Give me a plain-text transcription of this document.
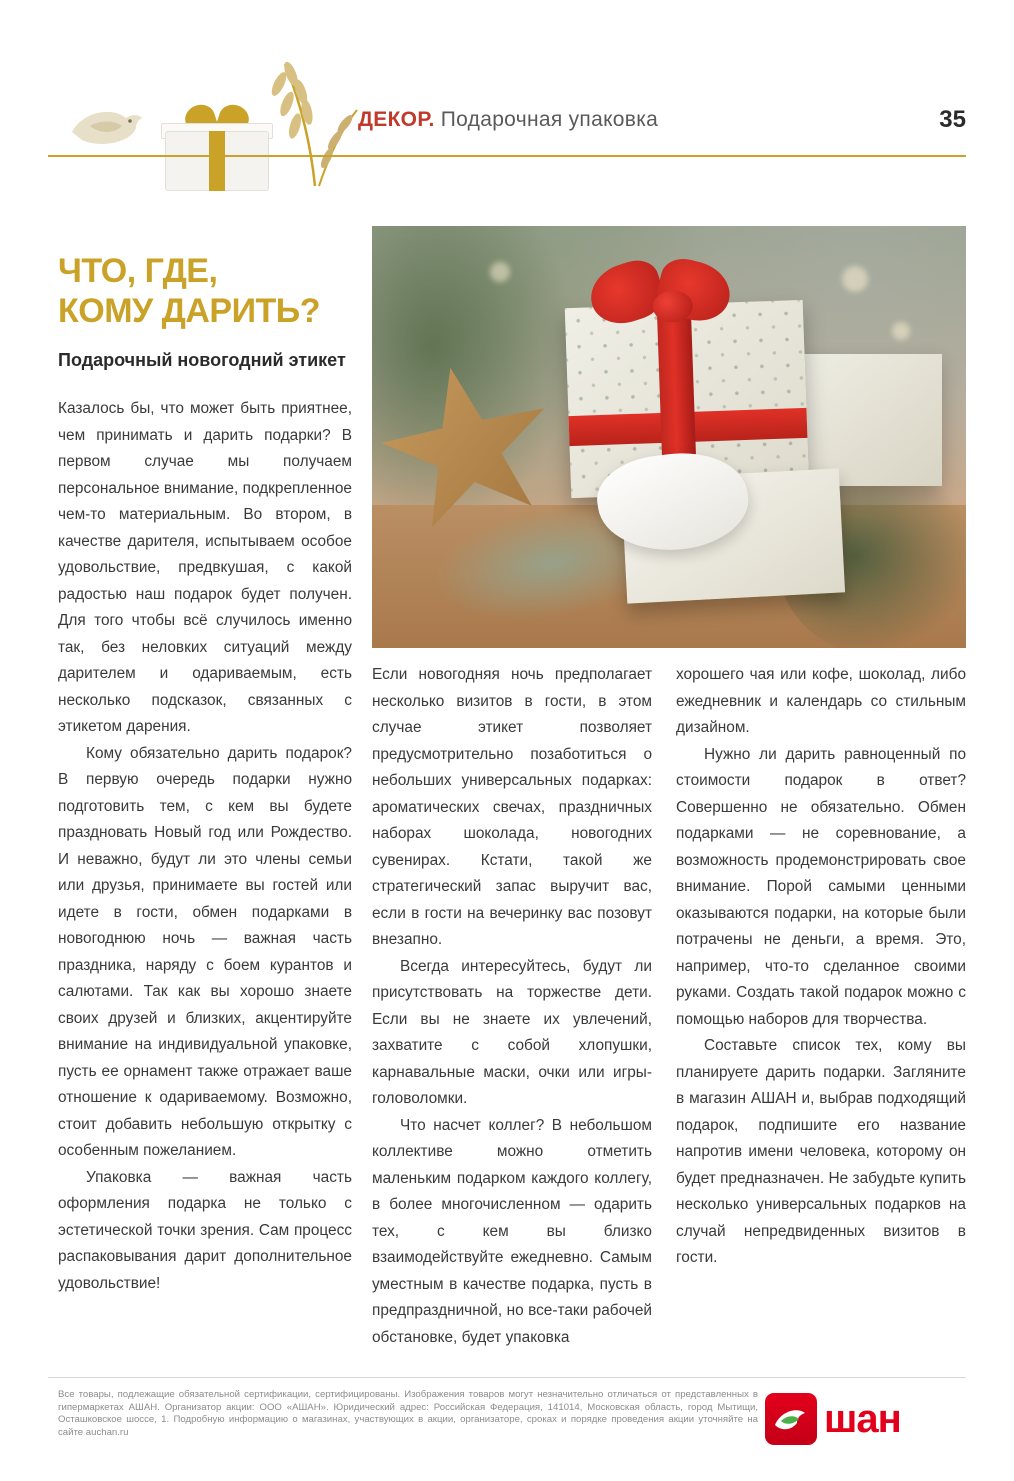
ДЕКОР. Подарочная упаковка	35
ЧТО, ГДЕ,
КОМУ ДАРИТЬ?
Подарочный новогодний этикет

Казалось бы, что может быть приятнее, чем принимать и дарить подарки? В первом случае мы получаем персональное внимание, подкрепленное чем-то материальным. Во втором, в качестве дарителя, испытываем особое удовольствие, предвкушая, с какой радостью наш подарок будет получен. Для того чтобы всё случилось именно так, без неловких ситуаций между дарителем и одариваемым, есть несколько подсказок, связанных с этикетом дарения.

Кому обязательно дарить подарок? В первую очередь подарки нужно подготовить тем, с кем вы будете праздновать Новый год или Рождество. И неважно, будут ли это члены семьи или друзья, принимаете вы гостей или идете в гости, обмен подарками в новогоднюю ночь — важная часть праздника, наряду с боем курантов и салютами. Так как вы хорошо знаете своих друзей и близких, акцентируйте внимание на индивидуальной упаковке, пусть ее орнамент также отражает ваше отношение к одариваемому. Возможно, стоит добавить небольшую открытку с особенным пожеланием.

Упаковка — важная часть оформления подарка не только с эстетической точки зрения. Сам процесс распаковывания дарит дополнительное удовольствие!

Если новогодняя ночь предполагает несколько визитов в гости, в этом случае этикет позволяет предусмотрительно позаботиться о небольших универсальных подарках: ароматических свечах, праздничных наборах шоколада, новогодних сувенирах. Кстати, такой же стратегический запас выручит вас, если в гости на вечеринку вас позовут внезапно.

Всегда интересуйтесь, будут ли присутствовать на торжестве дети. Если вы не знаете их увлечений, захватите с собой хлопушки, карнавальные маски, очки или игры-головоломки.

Что насчет коллег? В небольшом коллективе можно отметить маленьким подарком каждого коллегу, в более многочисленном — одарить тех, с кем вы близко взаимодействуйте ежедневно. Самым уместным в качестве подарка, пусть в предпраздничной, но все-таки рабочей обстановке, будет упаковка

хорошего чая или кофе, шоколад, либо ежедневник и календарь со стильным дизайном.

Нужно ли дарить равноценный по стоимости подарок в ответ? Совершенно не обязательно. Обмен подарками — не соревнование, а возможность продемонстрировать свое внимание. Порой самыми ценными оказываются подарки, на которые были потрачены не деньги, а время. Это, например, что-то сделанное своими руками. Создать такой подарок можно с помощью наборов для творчества.

Составьте список тех, кому вы планируете дарить подарки. Загляните в магазин АШАН и, выбрав подходящий подарок, подпишите его название напротив имени человека, которому он будет предназначен. Не забудьте купить несколько универсальных подарков на случай непредвиденных визитов в гости.

Все товары, подлежащие обязательной сертификации, сертифицированы. Изображения товаров могут незначительно отличаться от представленных в гипермаркетах АШАН. Организатор акции: ООО «АШАН». Юридический адрес: Российская Федерация, 141014, Московская область, город Мытищи, Осташковское шоссе, 1. Подробную информацию о магазинах, участвующих в акции, организаторе, сроках и порядке проведения акции уточняйте на сайте auchan.ru	шан
